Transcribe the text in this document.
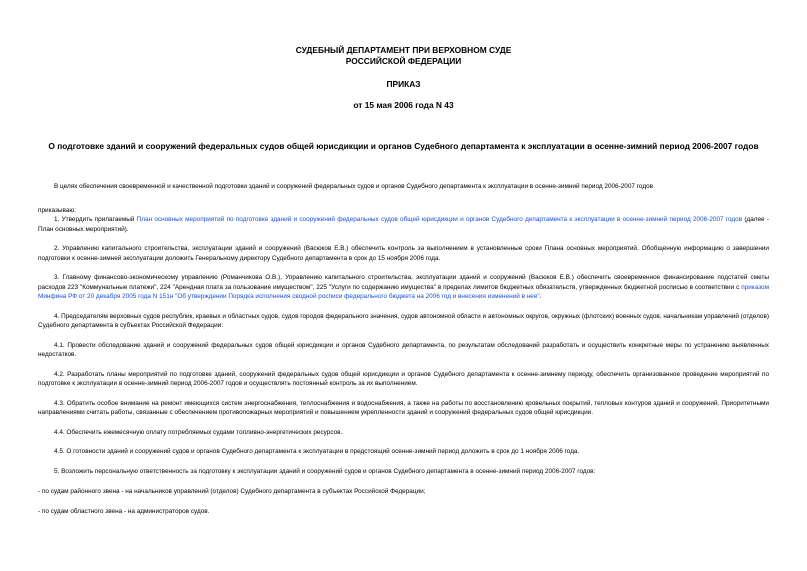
СУДЕБНЫЙ ДЕПАРТАМЕНТ ПРИ ВЕРХОВНОМ СУДЕ
РОССИЙСКОЙ ФЕДЕРАЦИИ
ПРИКАЗ
от 15 мая 2006 года N 43
О подготовке зданий и сооружений федеральных судов общей юрисдикции и органов Судебного департамента к эксплуатации в осенне-зимний период 2006-2007 годов

В целях обеспечения своевременной и качественной подготовки зданий и сооружений федеральных судов и органов Судебного департамента к эксплуатации в осенне-зимний период 2006-2007 годов

приказываю:

1. Утвердить прилагаемый План основных мероприятий по подготовке зданий и сооружений федеральных судов общей юрисдикции и органов Судебного департамента к эксплуатации в осенне-зимний период 2006-2007 годов (далее - План основных мероприятий).

2. Управлению капитального строительства, эксплуатации зданий и сооружений (Васюков Е.В.) обеспечить контроль за выполнением в установленные сроки Плана основных мероприятий. Обобщенную информацию о завершении подготовки к осенне-зимней эксплуатации доложить Генеральному директору Судебного департамента в срок до 15 ноября 2006 года.

3. Главному финансово-экономическому управлению (Романчикова О.В.), Управлению капитального строительства, эксплуатации зданий и сооружений (Васюков Е.В.) обеспечить своевременное финансирование подстатей сметы расходов 223 "Коммунальные платежи", 224 "Арендная плата за пользование имуществом", 225 "Услуги по содержанию имущества" в пределах лимитов бюджетных обязательств, утвержденных бюджетной росписью в соответствии с приказом Минфина РФ от 20 декабря 2005 года N 151н "Об утверждении Порядка исполнения сводной росписи федерального бюджета на 2006 год и внесения изменений в нее".

4. Председателям верховных судов республик, краевых и областных судов, судов городов федерального значения, судов автономной области и автономных округов, окружных (флотских) военных судов, начальникам управлений (отделов) Судебного департамента в субъектах Российской Федерации:

4.1. Провести обследование зданий и сооружений федеральных судов общей юрисдикции и органов Судебного департамента, по результатам обследований разработать и осуществить конкретные меры по устранению выявленных недостатков.

4.2. Разработать планы мероприятий по подготовке зданий, сооружений федеральных судов общей юрисдикции и органов Судебного департамента к осенне-зимнему периоду, обеспечить организованное проведение мероприятий по подготовке к эксплуатации в осенне-зимний период 2006-2007 годов и осуществлять постоянный контроль за их выполнением.

4.3. Обратить особое внимание на ремонт имеющихся систем энергоснабжения, теплоснабжения и водоснабжения, а также на работы по восстановлению кровельных покрытий, тепловых контуров зданий и сооружений. Приоритетными направлениями считать работы, связанные с обеспечением противопожарных мероприятий и повышением укрепленности зданий и сооружений федеральных судов общей юрисдикции.

4.4. Обеспечить ежемесячную оплату потребляемых судами топливно-энергетических ресурсов.

4.5. О готовности зданий и сооружений судов и органов Судебного департамента к эксплуатации в предстоящий осенне-зимний период доложить в срок до 1 ноября 2006 года.

5. Возложить персональную ответственность за подготовку к эксплуатации зданий и сооружений судов и органов Судебного департамента в осенне-зимний период 2006-2007 годов:

- по судам районного звена - на начальников управлений (отделов) Судебного департамента в субъектах Российской Федерации;

- по судам областного звена - на администраторов судов.
